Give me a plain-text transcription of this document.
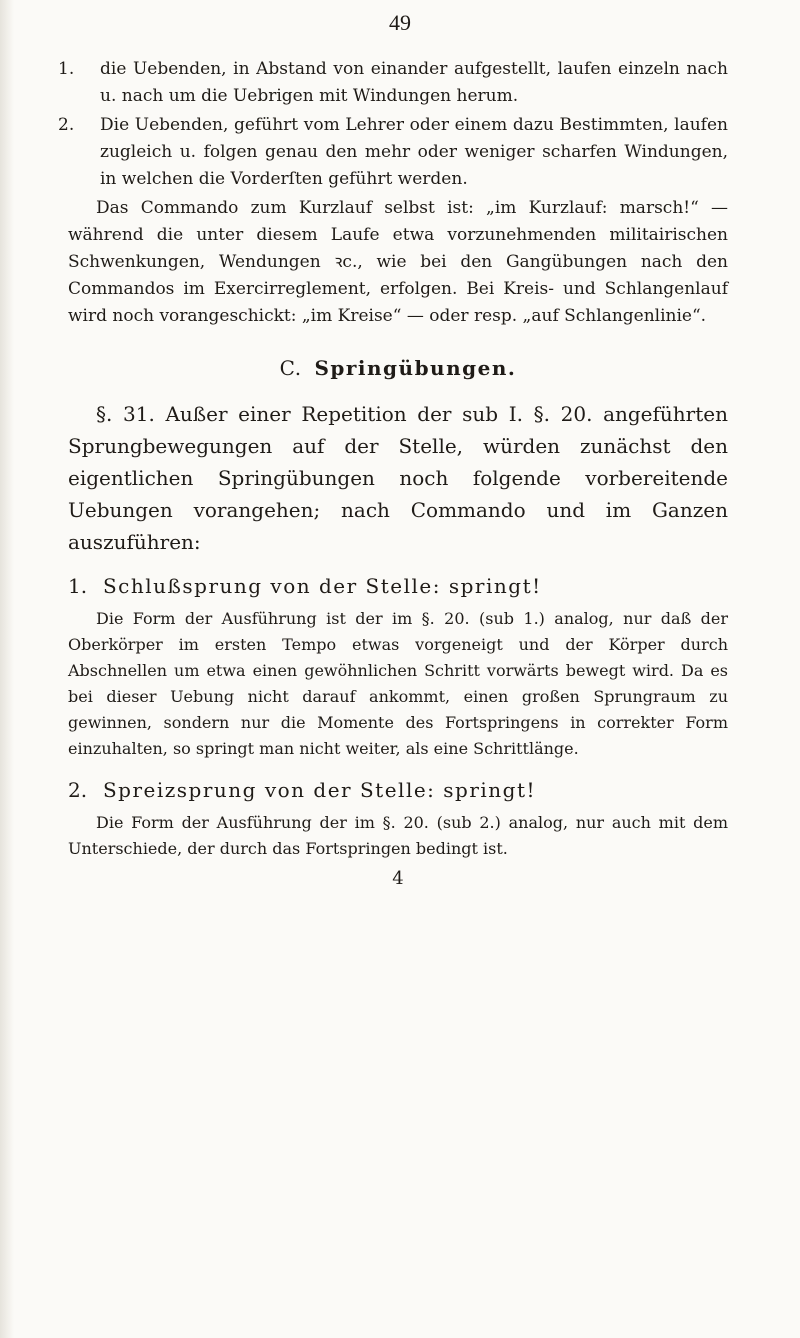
49
1. die Uebenden, in Abstand von einander aufgestellt, laufen einzeln nach u. nach um die Uebrigen mit Windungen herum.
2. Die Uebenden, geführt vom Lehrer oder einem dazu Bestimmten, laufen zugleich u. folgen genau den mehr oder weniger scharfen Windungen, in welchen die Vorderſten geführt werden.

Das Commando zum Kurzlauf selbst ist: „im Kurzlauf: marsch!“ — während die unter diesem Laufe etwa vorzunehmenden militairischen Schwenkungen, Wendungen ꝛc., wie bei den Gangübungen nach den Commandos im Exercirreglement, erfolgen. Bei Kreis- und Schlangenlauf wird noch vorangeschickt: „im Kreise“ — oder resp. „auf Schlangenlinie“.

C. Springübungen.

§. 31. Außer einer Repetition der sub I. §. 20. angeführten Sprungbewegungen auf der Stelle, würden zunächst den eigentlichen Springübungen noch folgende vorbereitende Uebungen vorangehen; nach Commando und im Ganzen auszuführen:

1. Schlußsprung von der Stelle: springt!

Die Form der Ausführung ist der im §. 20. (sub 1.) analog, nur daß der Oberkörper im ersten Tempo etwas vorgeneigt und der Körper durch Abschnellen um etwa einen gewöhnlichen Schritt vorwärts bewegt wird. Da es bei dieser Uebung nicht darauf ankommt, einen großen Sprungraum zu gewinnen, sondern nur die Momente des Fortspringens in correkter Form einzuhalten, so springt man nicht weiter, als eine Schrittlänge.

2. Spreizsprung von der Stelle: springt!

Die Form der Ausführung der im §. 20. (sub 2.) analog, nur auch mit dem Unterschiede, der durch das Fortspringen bedingt ist.

4
